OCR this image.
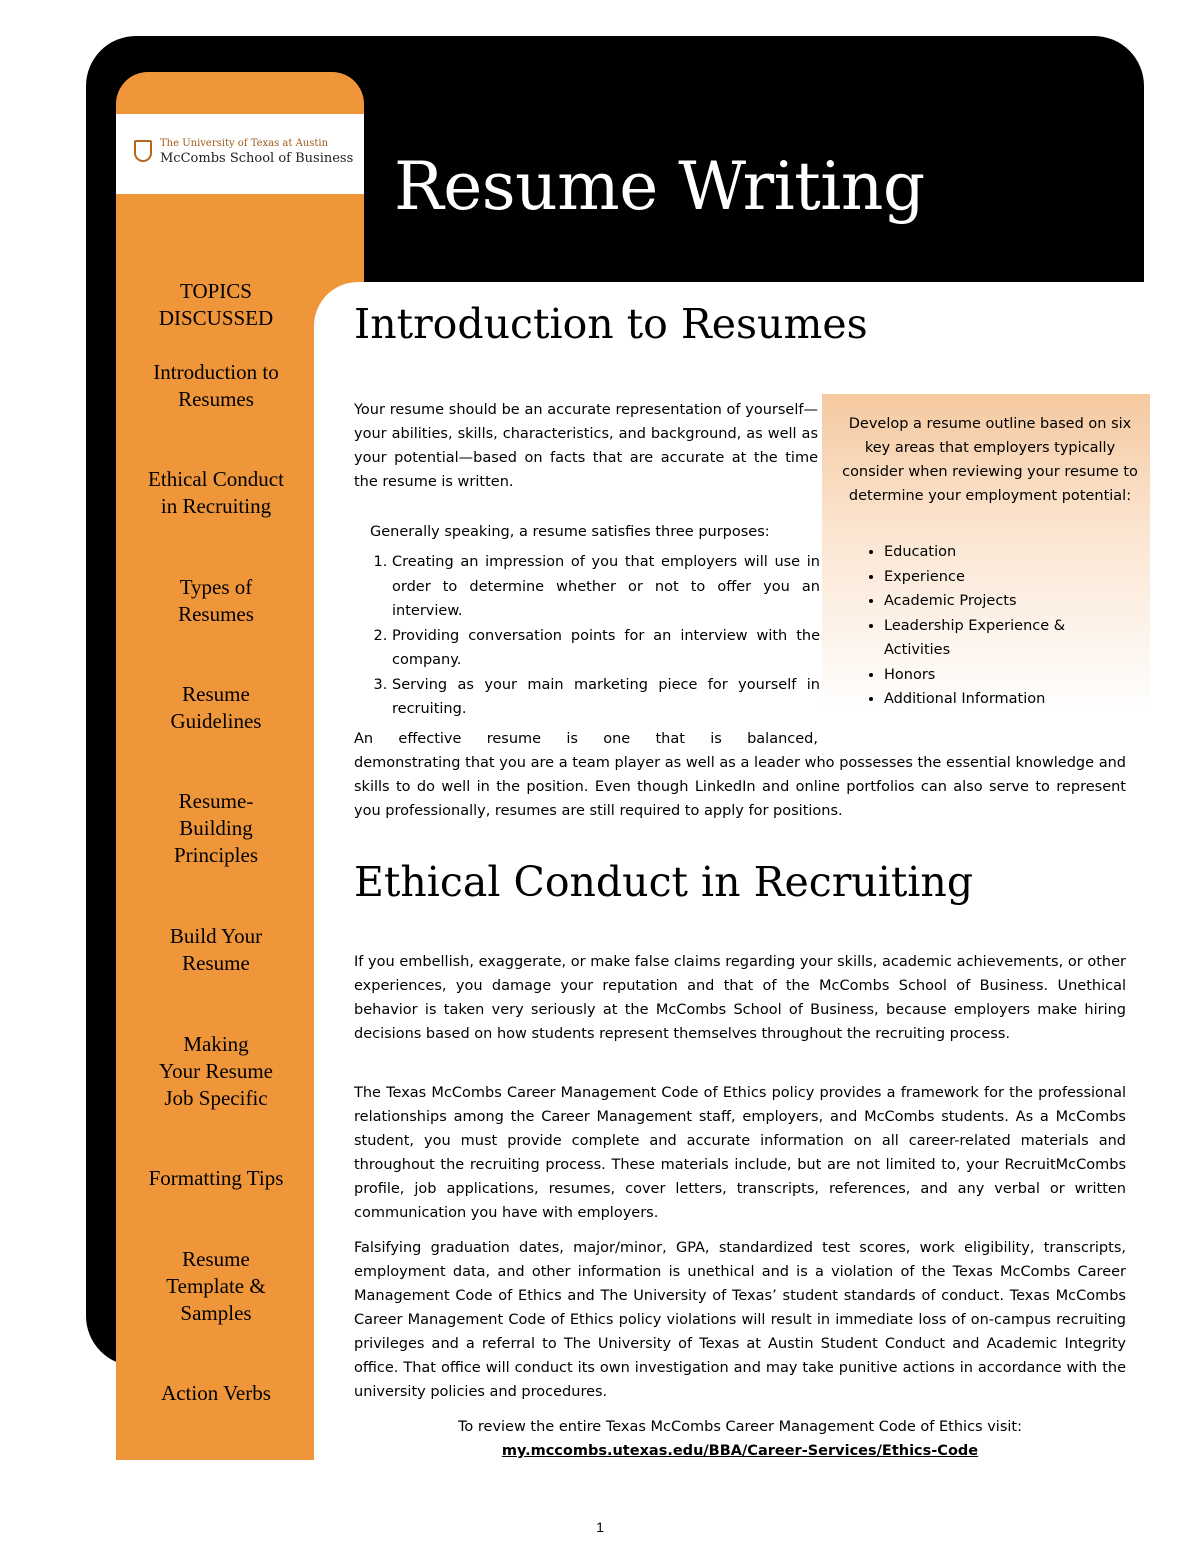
The University of Texas at Austin
McCombs School of Business Resume Writing
TOPICS
DISCUSSED
Introduction to
Resumes
Ethical Conduct
in Recruiting
Types of
Resumes
Resume
Guidelines
Resume-
Building
Principles
Build Your
Resume
Making
Your Resume
Job Specific
Formatting Tips
Resume
Template &
Samples
Action Verbs
Introduction to Resumes
Your resume should be an accurate representation of yourself—your abilities, skills, characteristics, and background, as well as your potential—based on facts that are accurate at the time the resume is written.
Generally speaking, a resume satisfies three purposes:
1. Creating an impression of you that employers will use in order to determine whether or not to offer you an interview.
2. Providing conversation points for an interview with the company.
3. Serving as your main marketing piece for yourself in recruiting.
An effective resume is one that is balanced,
demonstrating that you are a team player as well as a leader who possesses the essential knowledge and skills to do well in the position. Even though LinkedIn and online portfolios can also serve to represent you professionally, resumes are still required to apply for positions.
Develop a resume outline based on six key areas that employers typically consider when reviewing your resume to determine your employment potential:
• Education
• Experience
• Academic Projects
• Leadership Experience & Activities
• Honors
• Additional Information
Ethical Conduct in Recruiting
If you embellish, exaggerate, or make false claims regarding your skills, academic achievements, or other experiences, you damage your reputation and that of the McCombs School of Business. Unethical behavior is taken very seriously at the McCombs School of Business, because employers make hiring decisions based on how students represent themselves throughout the recruiting process.
The Texas McCombs Career Management Code of Ethics policy provides a framework for the professional relationships among the Career Management staff, employers, and McCombs students. As a McCombs student, you must provide complete and accurate information on all career-related materials and throughout the recruiting process. These materials include, but are not limited to, your RecruitMcCombs profile, job applications, resumes, cover letters, transcripts, references, and any verbal or written communication you have with employers.
Falsifying graduation dates, major/minor, GPA, standardized test scores, work eligibility, transcripts, employment data, and other information is unethical and is a violation of the Texas McCombs Career Management Code of Ethics and The University of Texas’ student standards of conduct. Texas McCombs Career Management Code of Ethics policy violations will result in immediate loss of on-campus recruiting privileges and a referral to The University of Texas at Austin Student Conduct and Academic Integrity office. That office will conduct its own investigation and may take punitive actions in accordance with the university policies and procedures.
To review the entire Texas McCombs Career Management Code of Ethics visit:
my.mccombs.utexas.edu/BBA/Career-Services/Ethics-Code
1
